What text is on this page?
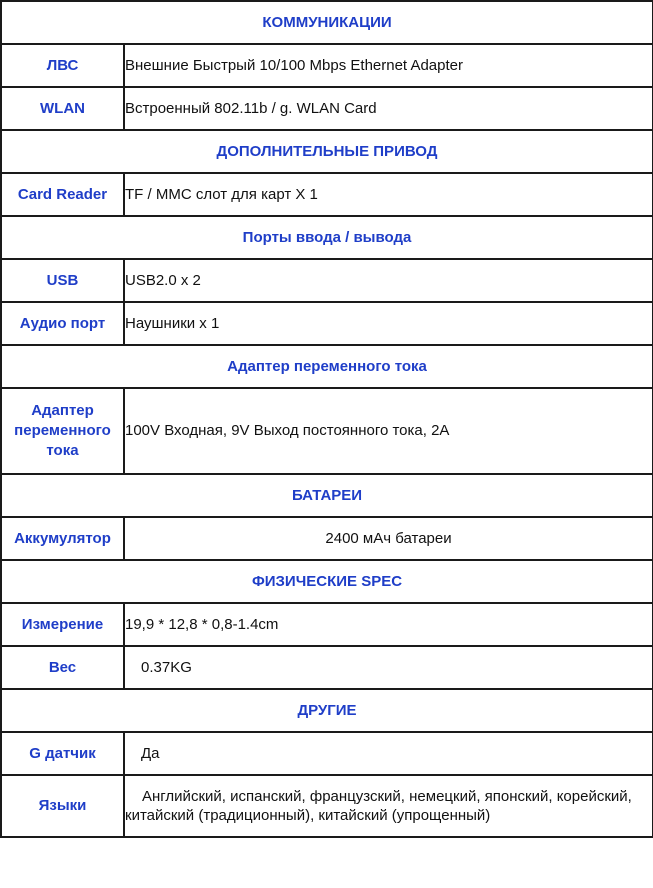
КОММУНИКАЦИИ	
ЛВС	Внешние Быстрый 10/100 Mbps Ethernet Adapter
WLAN	Встроенный 802.11b / g. WLAN Card
ДОПОЛНИТЕЛЬНЫЕ ПРИВОД	
Card Reader	TF / MMC слот для карт X 1
Порты ввода / вывода	
USB	USB2.0 x 2
Аудио порт	Наушники x 1
Адаптер переменного тока	
Адаптер переменного тока	100V Входная, 9V Выход постоянного тока, 2A
БАТАРЕИ	
Аккумулятор	2400 мАч батареи
ФИЗИЧЕСКИЕ SPEC	
Измерение	19,9 * 12,8 * 0,8-1.4cm
Вес	0.37KG
ДРУГИЕ	
G датчик	Да
Языки	Английский, испанский, французский, немецкий, японский, корейский, китайский (традиционный), китайский (упрощенный)
